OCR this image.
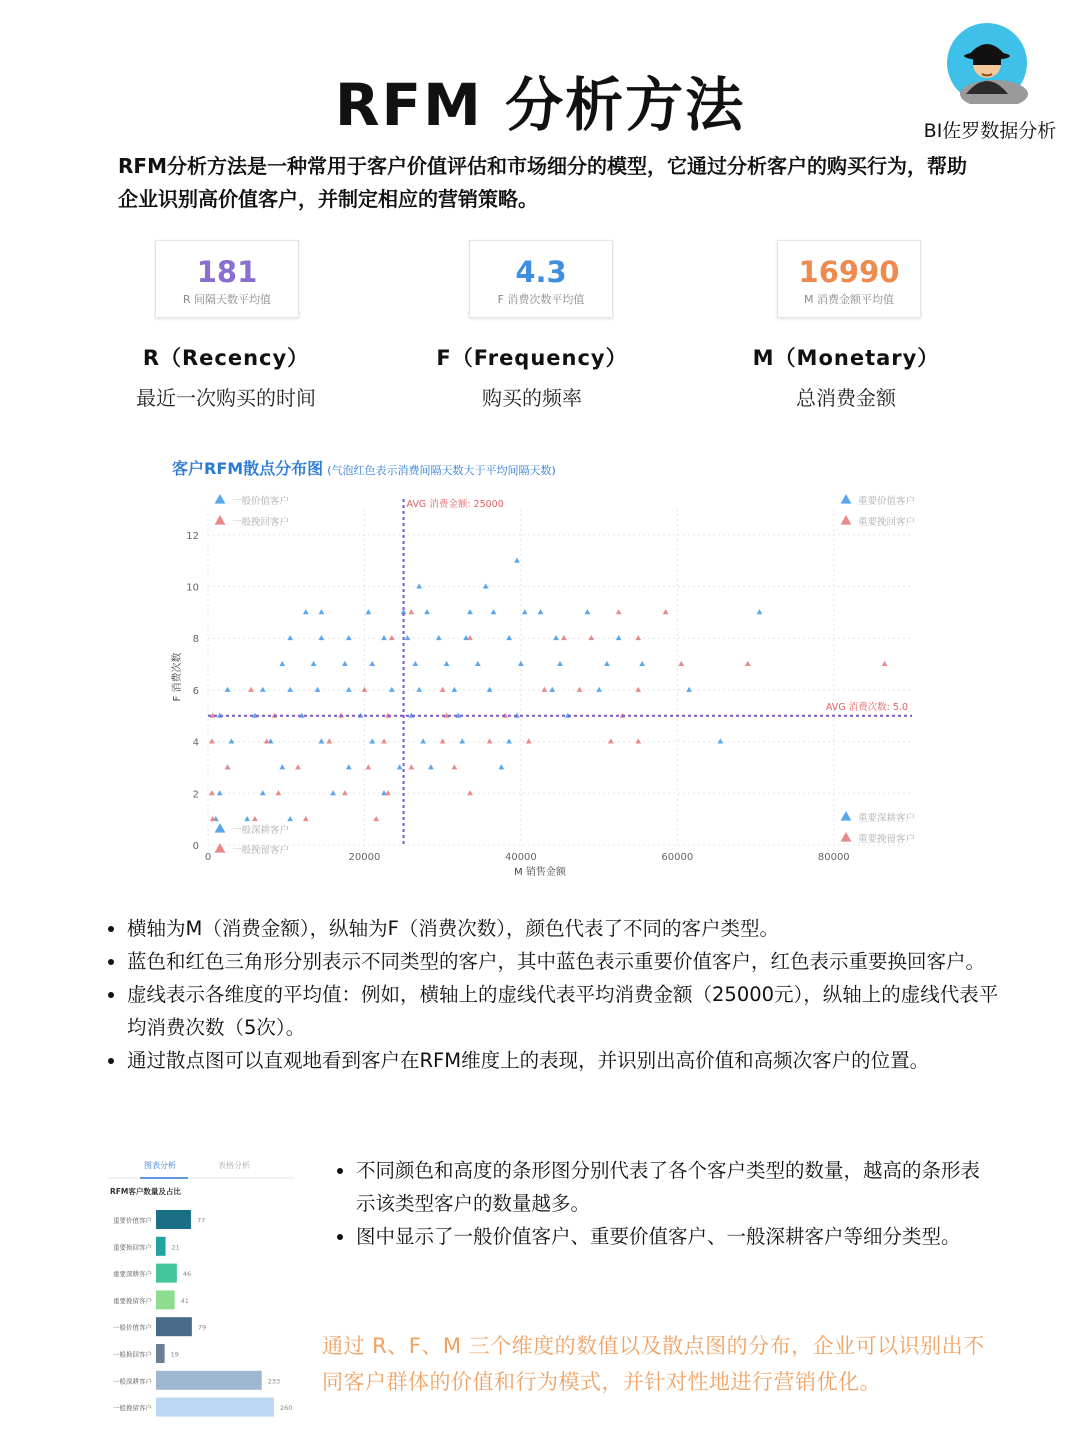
RFM 分析方法	BI佐罗数据分析
RFM分析方法是一种常用于客户价值评估和市场细分的模型，它通过分析客户的购买行为，帮助企业识别高价值客户，并制定相应的营销策略。
181
R 间隔天数平均值
4.3
F 消费次数平均值
16990
M 消费金额平均值
R（Recency）
最近一次购买的时间
F（Frequency）
购买的频率
M（Monetary）
总消费金额
客户RFM散点分布图 (气泡红色表示消费间隔天数大于平均间隔天数)
AVG 消费金额: 25000
AVG 消费次数: 5.0
0
2
4
6
8
10
12
0	20000	40000	60000	80000
M 销售金额
F 消费次数
一般价值客户
一般挽回客户
重要价值客户
重要挽回客户
一般深耕客户
一般挽留客户
重要深耕客户
重要挽留客户
• 横轴为M（消费金额），纵轴为F（消费次数），颜色代表了不同的客户类型。
• 蓝色和红色三角形分别表示不同类型的客户，其中蓝色表示重要价值客户，红色表示重要换回客户。
• 虚线表示各维度的平均值：例如，横轴上的虚线代表平均消费金额（25000元），纵轴上的虚线代表平均消费次数（5次）。
• 通过散点图可以直观地看到客户在RFM维度上的表现，并识别出高价值和高频次客户的位置。
图表分析	表格分析
RFM客户数量及占比
重要价值客户	77
重要换回客户	21
重要深耕客户	46
重要挽留客户	41
一般价值客户	79
一般换回客户	19
一般深耕客户	233
一般挽留客户	260
• 不同颜色和高度的条形图分别代表了各个客户类型的数量，越高的条形表示该类型客户的数量越多。
• 图中显示了一般价值客户、重要价值客户、一般深耕客户等细分类型。
通过 R、F、M 三个维度的数值以及散点图的分布，企业可以识别出不同客户群体的价值和行为模式，并针对性地进行营销优化。
